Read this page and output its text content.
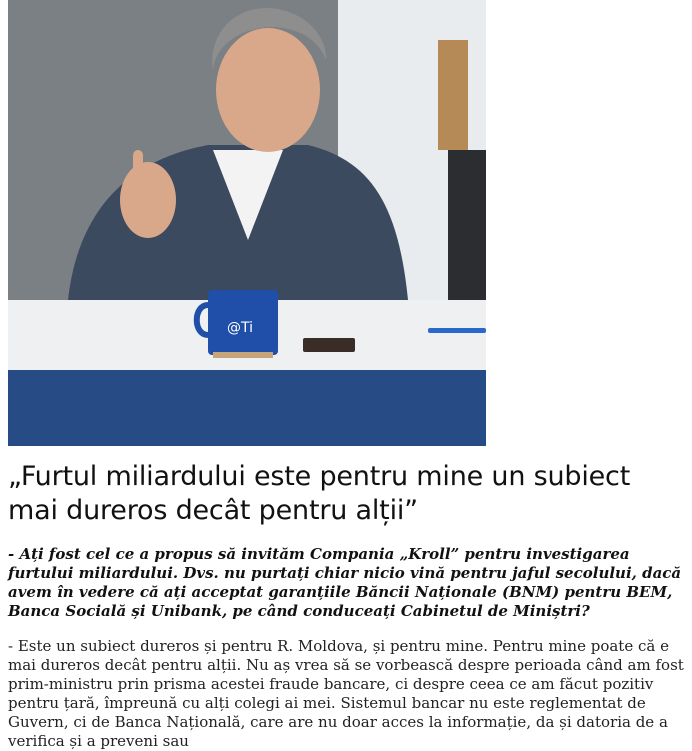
@Ti
„Furtul miliardului este pentru mine un subiect mai dureros decât pentru alții”

- Ați fost cel ce a propus să invităm Compania „Kroll” pentru investigarea furtului miliardului. Dvs. nu purtați chiar nicio vină pentru jaful secolului, dacă avem în vedere că ați acceptat garanțiile Băncii Naționale (BNM) pentru BEM, Banca Socială și Unibank, pe când conduceați Cabinetul de Miniștri?

- Este un subiect dureros și pentru R. Moldova, și pentru mine. Pentru mine poate că e mai dureros decât pentru alții. Nu aș vrea să se vorbească despre perioada când am fost prim-ministru prin prisma acestei fraude bancare, ci despre ceea ce am făcut pozitiv pentru țară, împreună cu alți colegi ai mei. Sistemul bancar nu este reglementat de Guvern, ci de Banca Națională, care are nu doar acces la informație, da și datoria de a verifica și a preveni sau
